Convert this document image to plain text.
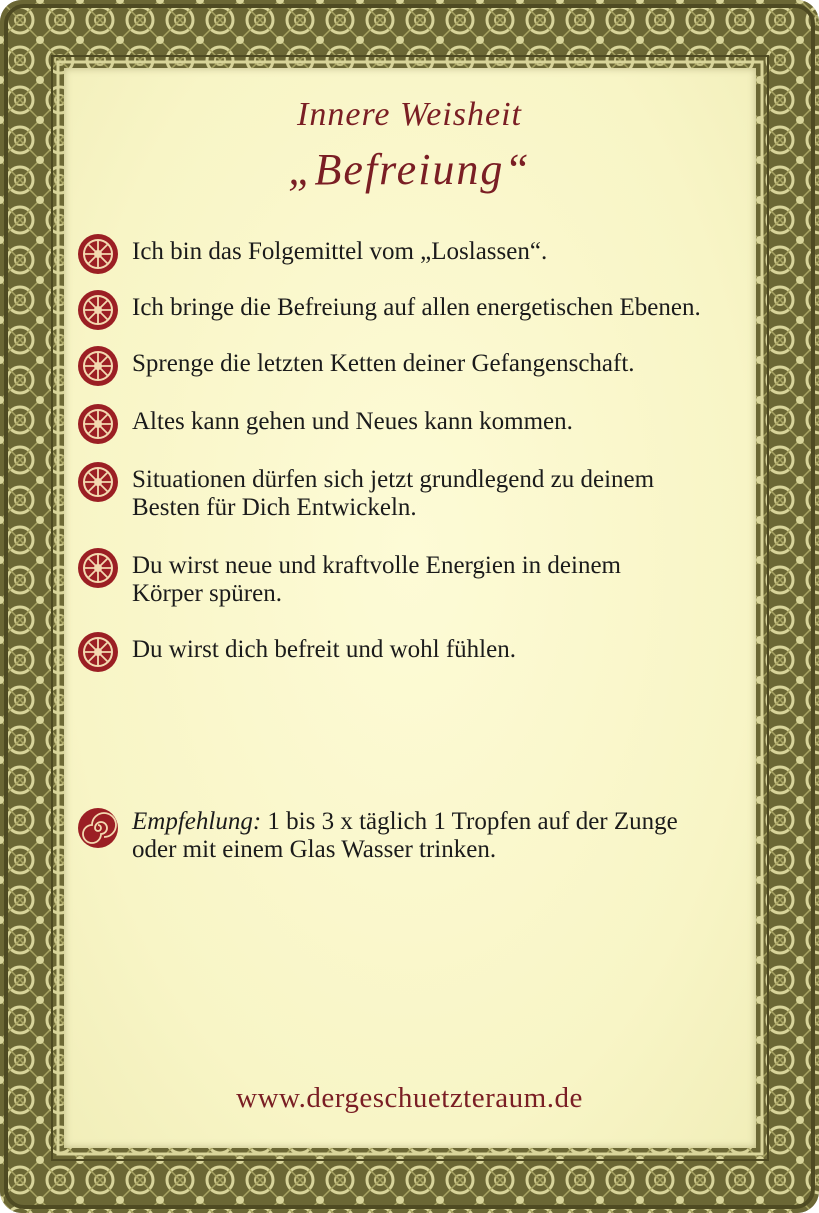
Innere Weisheit
„Befreiung“
Ich bin das Folgemittel vom „Loslassen“.
Ich bringe die Befreiung auf allen energetischen Ebenen.
Sprenge die letzten Ketten deiner Gefangenschaft.
Altes kann gehen und Neues kann kommen.
Situationen dürfen sich jetzt grundlegend zu deinem
Besten für Dich Entwickeln.
Du wirst neue und kraftvolle Energien in deinem
Körper spüren.
Du wirst dich befreit und wohl fühlen.
Empfehlung: 1 bis 3 x täglich 1 Tropfen auf der Zunge
oder mit einem Glas Wasser trinken.
www.dergeschuetzteraum.de
